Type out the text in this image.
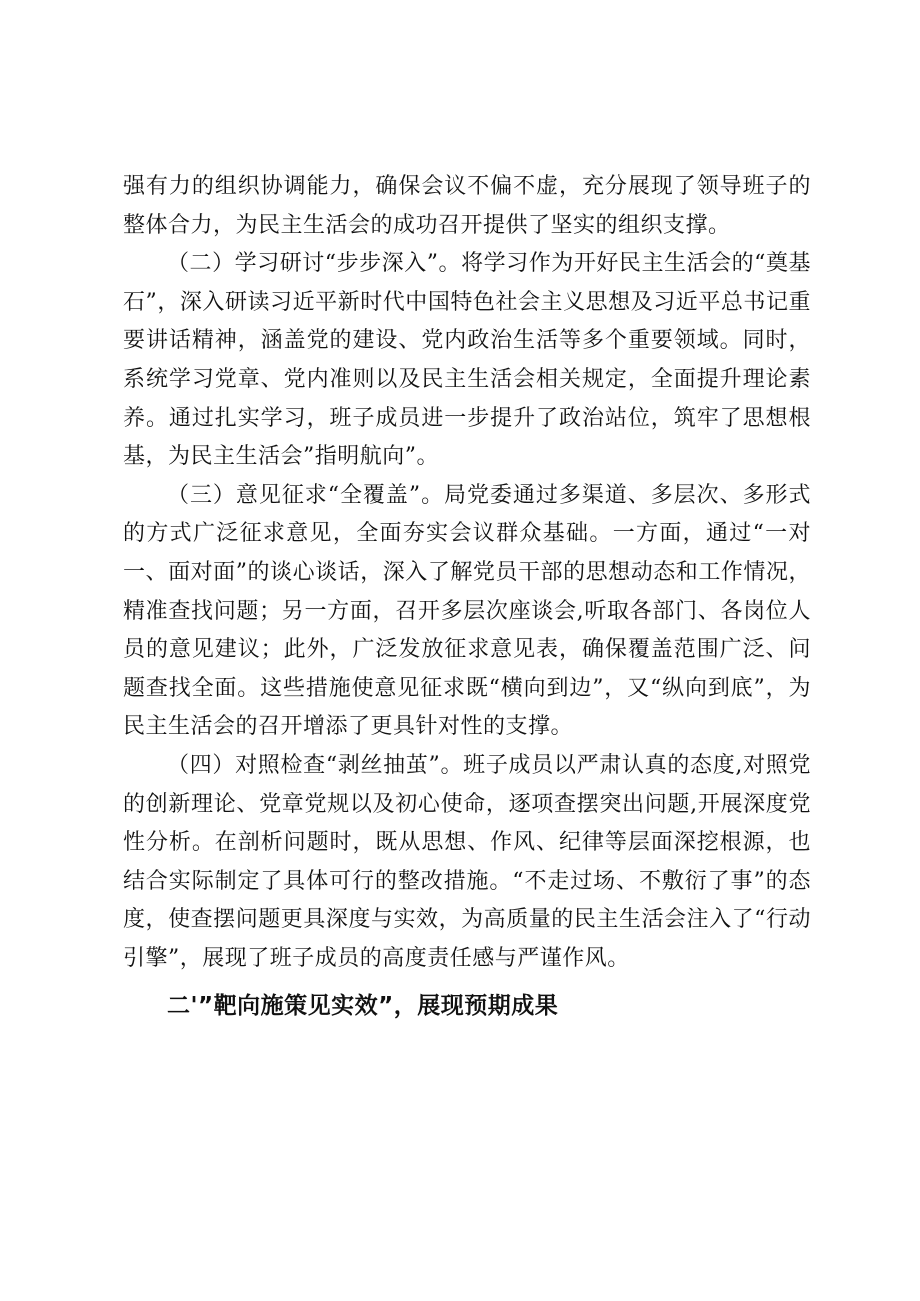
强有力的组织协调能力，确保会议不偏不虚，充分展现了领导班子的整体合力，为民主生活会的成功召开提供了坚实的组织支撑。

（二）学习研讨“步步深入”。将学习作为开好民主生活会的“奠基石”，深入研读习近平新时代中国特色社会主义思想及习近平总书记重要讲话精神，涵盖党的建设、党内政治生活等多个重要领域。同时，系统学习党章、党内准则以及民主生活会相关规定，全面提升理论素养。通过扎实学习，班子成员进一步提升了政治站位，筑牢了思想根基，为民主生活会”指明航向”。

（三）意见征求“全覆盖”。局党委通过多渠道、多层次、多形式的方式广泛征求意见，全面夯实会议群众基础。一方面，通过“一对一、面对面”的谈心谈话，深入了解党员干部的思想动态和工作情况，精准查找问题；另一方面，召开多层次座谈会,听取各部门、各岗位人员的意见建议；此外，广泛发放征求意见表，确保覆盖范围广泛、问题查找全面。这些措施使意见征求既“横向到边”，又“纵向到底”，为民主生活会的召开增添了更具针对性的支撑。

（四）对照检查“剥丝抽茧”。班子成员以严肃认真的态度,对照党的创新理论、党章党规以及初心使命，逐项查摆突出问题,开展深度党性分析。在剖析问题时，既从思想、作风、纪律等层面深挖根源，也结合实际制定了具体可行的整改措施。“不走过场、不敷衍了事”的态度，使查摆问题更具深度与实效，为高质量的民主生活会注入了“行动引擎”，展现了班子成员的高度责任感与严谨作风。

二'”靶向施策见实效”，展现预期成果
